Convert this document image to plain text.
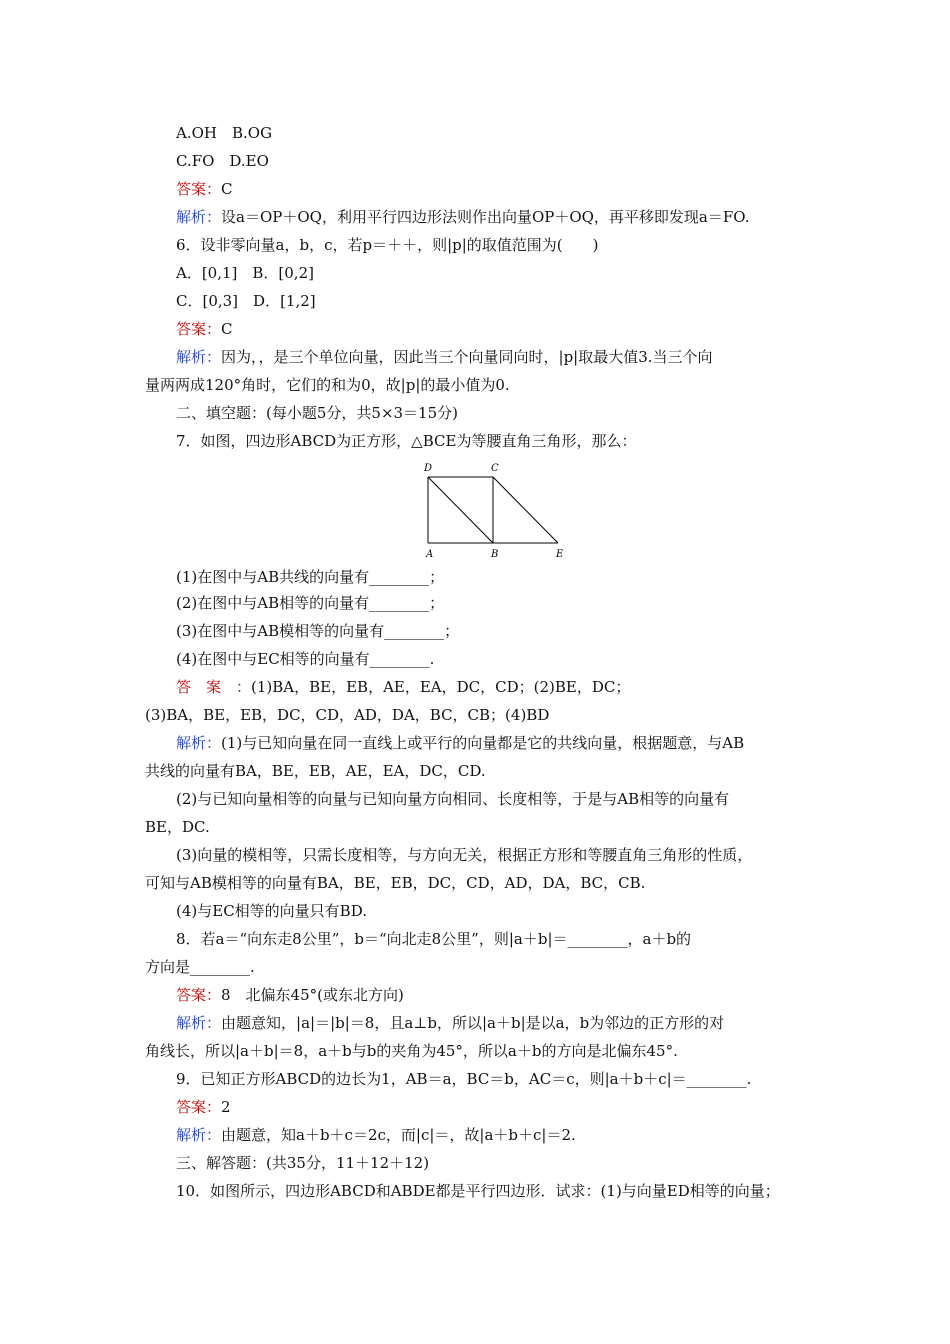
A.OH　B.OG
C.FO　D.EO
答案：C
解析：设a＝OP＋OQ，利用平行四边形法则作出向量OP＋OQ，再平移即发现a＝FO.
6．设非零向量a，b，c，若p＝＋＋，则|p|的取值范围为(　　)
A．[0,1]　B．[0,2]
C．[0,3]　D．[1,2]
答案：C
解析：因为，，是三个单位向量，因此当三个向量同向时，|p|取最大值3.当三个向
量两两成120°角时，它们的和为0，故|p|的最小值为0.
二、填空题：(每小题5分，共5×3＝15分)
7．如图，四边形ABCD为正方形，△BCE为等腰直角三角形，那么：
D	C
A	B	E
(1)在图中与AB共线的向量有________；
(2)在图中与AB相等的向量有________；
(3)在图中与AB模相等的向量有________；
(4)在图中与EC相等的向量有________.
答　案　：(1)BA，BE，EB，AE，EA，DC，CD；(2)BE，DC；
(3)BA，BE，EB，DC，CD，AD，DA，BC，CB；(4)BD
解析：(1)与已知向量在同一直线上或平行的向量都是它的共线向量，根据题意，与AB
共线的向量有BA，BE，EB，AE，EA，DC，CD.
(2)与已知向量相等的向量与已知向量方向相同、长度相等，于是与AB相等的向量有
BE，DC.
(3)向量的模相等，只需长度相等，与方向无关，根据正方形和等腰直角三角形的性质，
可知与AB模相等的向量有BA，BE，EB，DC，CD，AD，DA，BC，CB.
(4)与EC相等的向量只有BD.
8．若a＝“向东走8公里”，b＝“向北走8公里”，则|a＋b|＝________，a＋b的
方向是________.
答案：8　北偏东45°(或东北方向)
解析：由题意知，|a|＝|b|＝8，且a⊥b，所以|a＋b|是以a，b为邻边的正方形的对
角线长，所以|a＋b|＝8，a＋b与b的夹角为45°，所以a＋b的方向是北偏东45°.
9．已知正方形ABCD的边长为1，AB＝a，BC＝b，AC＝c，则|a＋b＋c|＝________.
答案：2
解析：由题意，知a＋b＋c＝2c，而|c|＝，故|a＋b＋c|＝2.
三、解答题：(共35分，11＋12＋12)
10．如图所示，四边形ABCD和ABDE都是平行四边形．试求：(1)与向量ED相等的向量；
